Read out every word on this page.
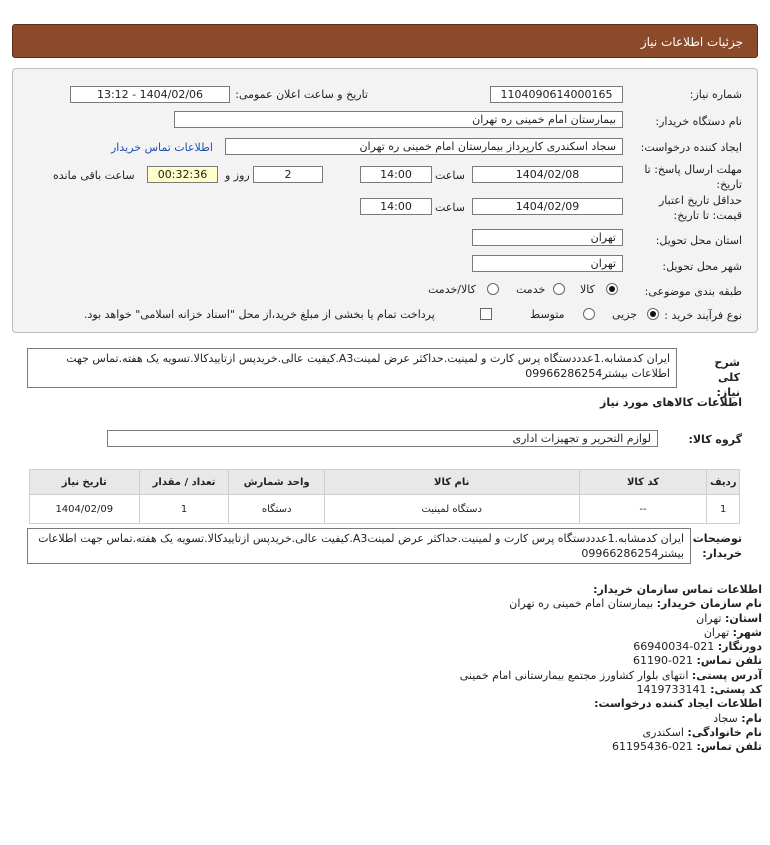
جزئیات اطلاعات نیاز
شماره نیاز:
1104090614000165
تاریخ و ساعت اعلان عمومی:
1404/02/06 - 13:12
نام دستگاه خریدار:
بیمارستان امام خمینی ره تهران
ایجاد کننده درخواست:
سجاد اسکندری کارپرداز بیمارستان امام خمینی ره تهران
اطلاعات تماس خریدار
مهلت ارسال پاسخ: تا
تاریخ:
1404/02/08
ساعت
14:00
2
روز و
00:32:36
ساعت باقی مانده
حداقل تاریخ اعتبار
قیمت: تا تاریخ:
1404/02/09
ساعت
14:00
استان محل تحویل:
تهران
شهر محل تحویل:
تهران
طبقه بندی موضوعی:
کالا
خدمت
کالا/خدمت
نوع فرآیند خرید :
جزیی
متوسط
پرداخت تمام یا بخشی از مبلغ خرید،از محل "اسناد خزانه اسلامی" خواهد بود.
شرح کلی نیاز:
ایران کدمشابه.1عدددستگاه پرس کارت و لمینیت.حداکثر عرض لمینتA3.کیفیت عالی.خریدپس ازتاییدکالا.تسویه یک هفته.تماس جهت اطلاعات بیشتر09966286254
اطلاعات کالاهای مورد نیاز
گروه کالا:
لوازم التحریر و تجهیزات اداری
ردیف	کد کالا	نام کالا	واحد شمارش	تعداد / مقدار	تاریخ نیاز
1	--	دستگاه لمینیت	دستگاه	1	1404/02/09
توضیحات خریدار:
ایران کدمشابه.1عدددستگاه پرس کارت و لمینیت.حداکثر عرض لمینتA3.کیفیت عالی.خریدپس ازتاییدکالا.تسویه یک هفته.تماس جهت اطلاعات بیشتر09966286254
اطلاعات تماس سازمان خریدار:
نام سازمان خریدار: بیمارستان امام خمینی ره تهران
استان: تهران
شهر: تهران
دورنگار: 021-66940034
تلفن تماس: 021-61190
آدرس پستی: انتهای بلوار کشاورز مجتمع بیمارستانی امام خمینی
کد پستی: 1419733141
اطلاعات ایجاد کننده درخواست:
نام: سجاد
نام خانوادگی: اسکندری
تلفن تماس: 021-61195436
